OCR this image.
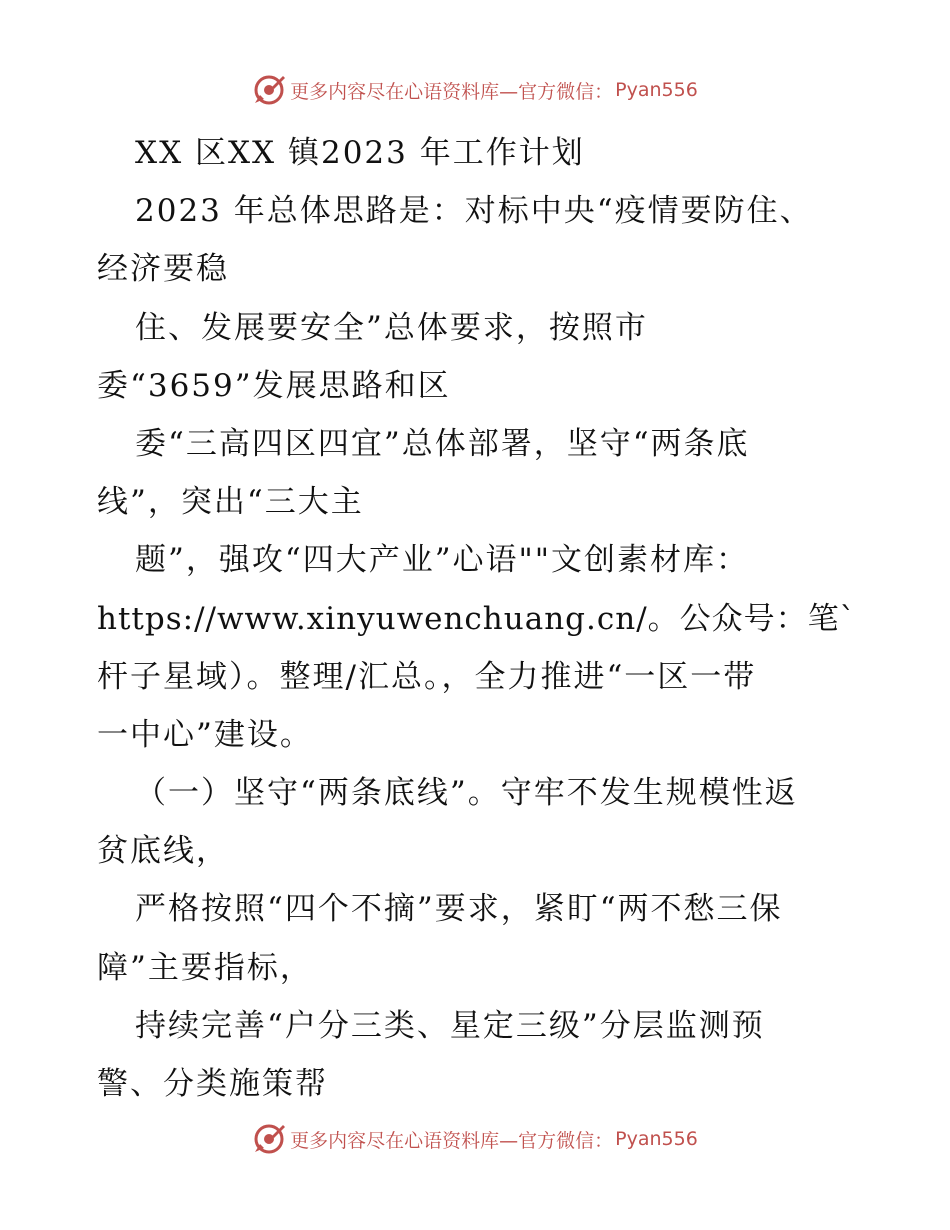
更多内容尽在心语资料库—官方微信： Pyan556
XX 区XX 镇2023 年工作计划
2023 年总体思路是：对标中央“疫情要防住、
经济要稳
住、发展要安全”总体要求，按照市
委“3659”发展思路和区
委“三高四区四宜”总体部署，坚守“两条底
线”，突出“三大主
题”，强攻“四大产业”心语""文创素材库：
https://www.xinyuwenchuang.cn/。公众号：笔`
杆子星域）。整理/汇总。，全力推进“一区一带
一中心”建设。
（一）坚守“两条底线”。守牢不发生规模性返
贫底线，
严格按照“四个不摘”要求，紧盯“两不愁三保
障”主要指标，
持续完善“户分三类、星定三级”分层监测预
警、分类施策帮
更多内容尽在心语资料库—官方微信： Pyan556
